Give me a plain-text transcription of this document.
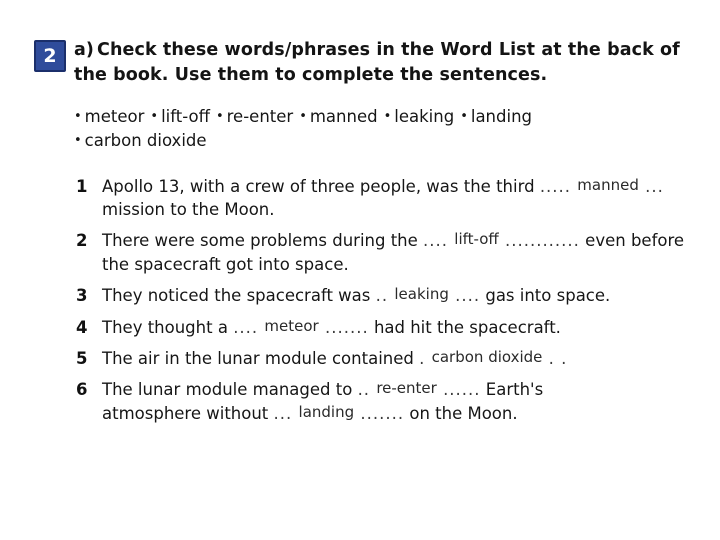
2 a) Check these words/phrases in the Word List at the back of the book. Use them to complete the sentences.
• meteor • lift-off • re-enter • manned • leaking • landing
• carbon dioxide
1 Apollo 13, with a crew of three people, was the third ..... manned ... mission to the Moon.
2 There were some problems during the .... lift-off ............ even before the spacecraft got into space.
3 They noticed the spacecraft was .. leaking .... gas into space.
4 They thought a .... meteor ....... had hit the spacecraft.
5 The air in the lunar module contained . carbon dioxide . .
6 The lunar module managed to .. re-enter ...... Earth's
atmosphere without ... landing ....... on the Moon.
